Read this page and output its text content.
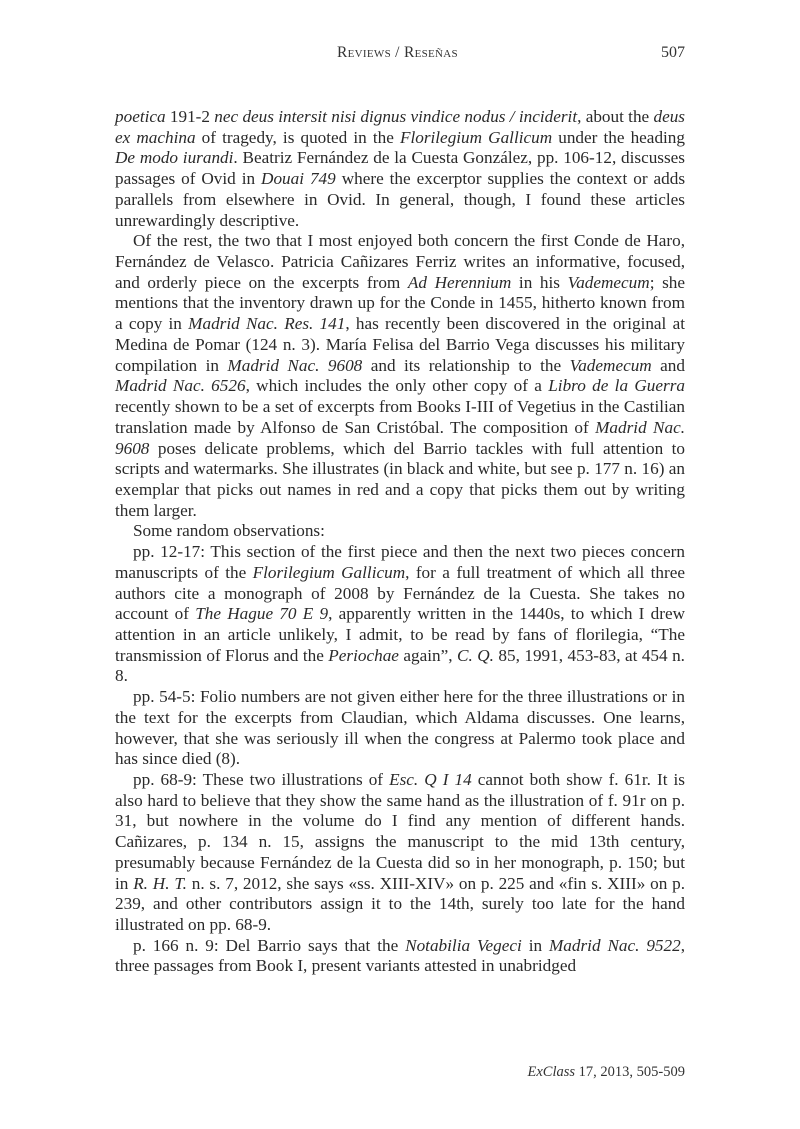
Reviews / Reseñas	507

poetica 191-2 nec deus intersit nisi dignus vindice nodus / inciderit, about the deus ex machina of tragedy, is quoted in the Florilegium Gallicum under the heading De modo iurandi. Beatriz Fernández de la Cuesta González, pp. 106-12, discusses passages of Ovid in Douai 749 where the excerptor supplies the context or adds parallels from elsewhere in Ovid. In general, though, I found these articles unrewardingly descriptive.

Of the rest, the two that I most enjoyed both concern the first Conde de Haro, Fernández de Velasco. Patricia Cañizares Ferriz writes an informative, focused, and orderly piece on the excerpts from Ad Herennium in his Vademecum; she mentions that the inventory drawn up for the Conde in 1455, hitherto known from a copy in Madrid Nac. Res. 141, has recently been discovered in the original at Medina de Pomar (124 n. 3). María Felisa del Barrio Vega discusses his military compilation in Madrid Nac. 9608 and its relationship to the Vademecum and Madrid Nac. 6526, which includes the only other copy of a Libro de la Guerra recently shown to be a set of excerpts from Books I-III of Vegetius in the Castilian translation made by Alfonso de San Cristóbal. The composition of Madrid Nac. 9608 poses delicate problems, which del Barrio tackles with full attention to scripts and watermarks. She illustrates (in black and white, but see p. 177 n. 16) an exemplar that picks out names in red and a copy that picks them out by writing them larger.

Some random observations:

pp. 12-17: This section of the first piece and then the next two pieces concern manuscripts of the Florilegium Gallicum, for a full treatment of which all three authors cite a monograph of 2008 by Fernández de la Cuesta. She takes no account of The Hague 70 E 9, apparently written in the 1440s, to which I drew attention in an article unlikely, I admit, to be read by fans of florilegia, “The transmission of Florus and the Periochae again”, C. Q. 85, 1991, 453-83, at 454 n. 8.

pp. 54-5: Folio numbers are not given either here for the three illustrations or in the text for the excerpts from Claudian, which Aldama discusses. One learns, however, that she was seriously ill when the congress at Palermo took place and has since died (8).

pp. 68-9: These two illustrations of Esc. Q I 14 cannot both show f. 61r. It is also hard to believe that they show the same hand as the illustration of f. 91r on p. 31, but nowhere in the volume do I find any mention of different hands. Cañizares, p. 134 n. 15, assigns the manuscript to the mid 13th century, presumably because Fernández de la Cuesta did so in her monograph, p. 150; but in R. H. T. n. s. 7, 2012, she says «ss. XIII-XIV» on p. 225 and «fin s. XIII» on p. 239, and other contributors assign it to the 14th, surely too late for the hand illustrated on pp. 68-9.

p. 166 n. 9: Del Barrio says that the Notabilia Vegeci in Madrid Nac. 9522, three passages from Book I, present variants attested in unabridged

ExClass 17, 2013, 505-509
